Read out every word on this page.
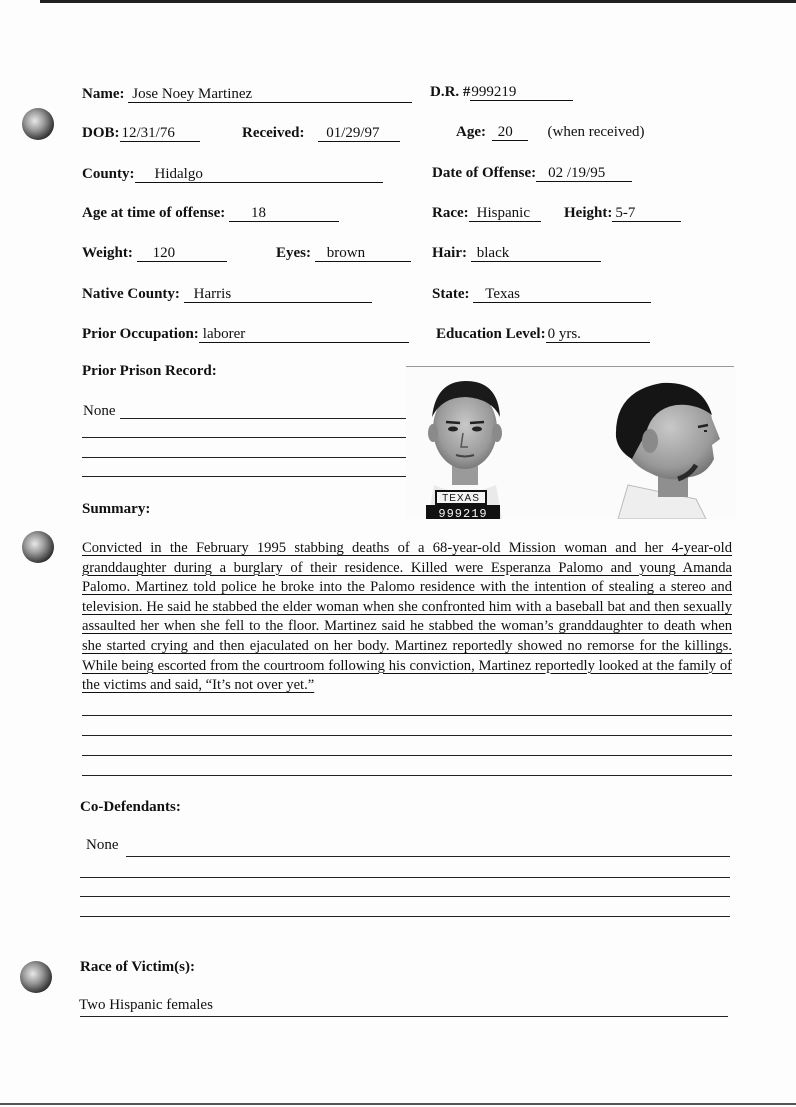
Name: Jose Noey Martinez	D.R. #999219
DOB: 12/31/76	Received: 01/29/97	Age: 20 (when received)
County: Hidalgo	Date of Offense: 02 /19/95
Age at time of offense: 18	Race: Hispanic	Height: 5-7
Weight: 120	Eyes: brown	Hair: black
Native County: Harris	State: Texas
Prior Occupation: laborer	Education Level: 0 yrs.
Prior Prison Record:
None
TEXAS
999219
Summary:
Convicted in the February 1995 stabbing deaths of a 68-year-old Mission woman and her 4-year-old granddaughter during a burglary of their residence. Killed were Esperanza Palomo and young Amanda Palomo. Martinez told police he broke into the Palomo residence with the intention of stealing a stereo and television. He said he stabbed the elder woman when she confronted him with a baseball bat and then sexually assaulted her when she fell to the floor. Martinez said he stabbed the woman’s granddaughter to death when she started crying and then ejaculated on her body. Martinez reportedly showed no remorse for the killings. While being escorted from the courtroom following his conviction, Martinez reportedly looked at the family of the victims and said, “It’s not over yet.”
Co-Defendants:
None
Race of Victim(s):
Two Hispanic females
